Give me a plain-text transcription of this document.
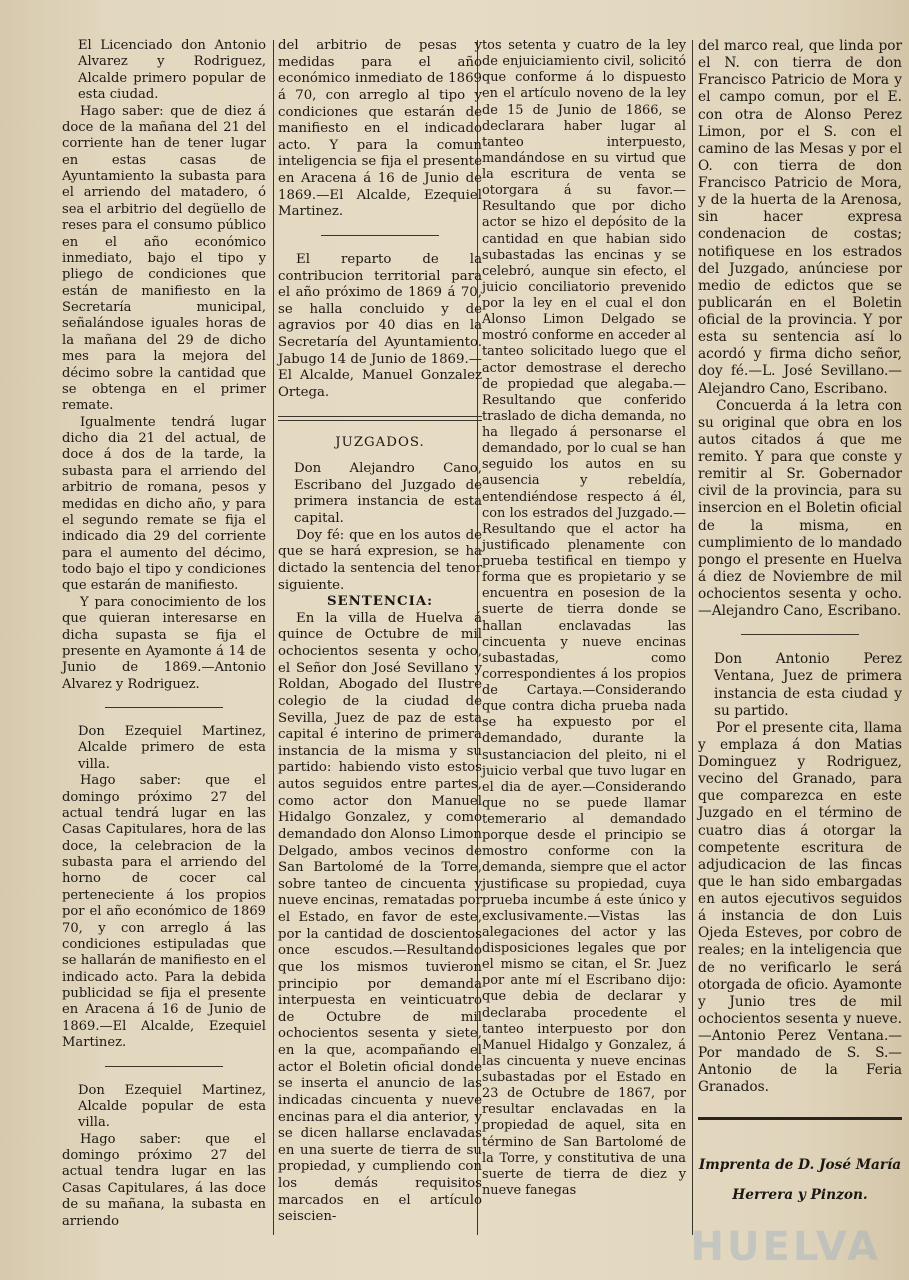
El Licenciado don Antonio Alvarez y Rodriguez, Alcalde primero popular de esta ciudad.

Hago saber: que de diez á doce de la mañana del 21 del corriente han de tener lugar en estas casas de Ayuntamiento la subasta para el arriendo del matadero, ó sea el arbitrio del degüello de reses para el consumo público en el año económico inmediato, bajo el tipo y pliego de condiciones que están de manifiesto en la Secretaría municipal, señalándose iguales horas de la mañana del 29 de dicho mes para la mejora del décimo sobre la cantidad que se obtenga en el primer remate.

Igualmente tendrá lugar dicho dia 21 del actual, de doce á dos de la tarde, la subasta para el arriendo del arbitrio de romana, pesos y medidas en dicho año, y para el segundo remate se fija el indicado dia 29 del corriente para el aumento del décimo, todo bajo el tipo y condiciones que estarán de manifiesto.

Y para conocimiento de los que quieran interesarse en dicha supasta se fija el presente en Ayamonte á 14 de Junio de 1869.—Antonio Alvarez y Rodriguez.

Don Ezequiel Martinez, Alcalde primero de esta villa.

Hago saber: que el domingo próximo 27 del actual tendrá lugar en las Casas Capitulares, hora de las doce, la celebracion de la subasta para el arriendo del horno de cocer cal perteneciente á los propios por el año económico de 1869 70, y con arreglo á las condiciones estipuladas que se hallarán de manifiesto en el indicado acto. Para la debida publicidad se fija el presente en Aracena á 16 de Junio de 1869.—El Alcalde, Ezequiel Martinez.

Don Ezequiel Martinez, Alcalde popular de esta villa.

Hago saber: que el domingo próximo 27 del actual tendra lugar en las Casas Capitulares, á las doce de su mañana, la subasta en arriendo

del arbitrio de pesas y medidas para el año económico inmediato de 1869 á 70, con arreglo al tipo y condiciones que estarán de manifiesto en el indicado acto. Y para la comun inteligencia se fija el presente en Aracena á 16 de Junio de 1869.—El Alcalde, Ezequiel Martinez.

El reparto de la contribucion territorial para el año próximo de 1869 á 70, se halla concluido y de agravios por 40 dias en la Secretaría del Ayuntamiento. Jabugo 14 de Junio de 1869.—El Alcalde, Manuel Gonzalez Ortega.

JUZGADOS.

Don Alejandro Cano, Escribano del Juzgado de primera instancia de esta capital.

Doy fé: que en los autos de que se hará expresion, se ha dictado la sentencia del tenor siguiente.

SENTENCIA:

En la villa de Huelva á quince de Octubre de mil ochocientos sesenta y ocho, el Señor don José Sevillano y Roldan, Abogado del Ilustre colegio de la ciudad de Sevilla, Juez de paz de esta capital é interino de primera instancia de la misma y su partido: habiendo visto estos autos seguidos entre partes, como actor don Manuel Hidalgo Gonzalez, y como demandado don Alonso Limon Delgado, ambos vecinos de San Bartolomé de la Torre, sobre tanteo de cincuenta y nueve encinas, rematadas por el Estado, en favor de este, por la cantidad de doscientos once escudos.—Resultando que los mismos tuvieron principio por demanda interpuesta en veinticuatro de Octubre de mil ochocientos sesenta y siete, en la que, acompañando el actor el Boletin oficial donde se inserta el anuncio de las indicadas cincuenta y nueve encinas para el dia anterior, y se dicen hallarse enclavadas en una suerte de tierra de su propiedad, y cumpliendo con los demás requisitos marcados en el artículo seiscien-

tos setenta y cuatro de la ley de enjuiciamiento civil, solicitó que conforme á lo dispuesto en el artículo noveno de la ley de 15 de Junio de 1866, se declarara haber lugar al tanteo interpuesto, mandándose en su virtud que la escritura de venta se otorgara á su favor.—Resultando que por dicho actor se hizo el depósito de la cantidad en que habian sido subastadas las encinas y se celebró, aunque sin efecto, el juicio conciliatorio prevenido por la ley en el cual el don Alonso Limon Delgado se mostró conforme en acceder al tanteo solicitado luego que el actor demostrase el derecho de propiedad que alegaba.—Resultando que conferido traslado de dicha demanda, no ha llegado á personarse el demandado, por lo cual se han seguido los autos en su ausencia y rebeldía, entendiéndose respecto á él, con los estrados del Juzgado.—Resultando que el actor ha justificado plenamente con prueba testifical en tiempo y forma que es propietario y se encuentra en posesion de la suerte de tierra donde se hallan enclavadas las cincuenta y nueve encinas subastadas, como correspondientes á los propios de Cartaya.—Considerando que contra dicha prueba nada se ha expuesto por el demandado, durante la sustanciacion del pleito, ni el juicio verbal que tuvo lugar en el dia de ayer.—Considerando que no se puede llamar temerario al demandado porque desde el principio se mostro conforme con la demanda, siempre que el actor justificase su propiedad, cuya prueba incumbe á este único y exclusivamente.—Vistas las alegaciones del actor y las disposiciones legales que por el mismo se citan, el Sr. Juez por ante mí el Escribano dijo: que debia de declarar y declaraba procedente el tanteo interpuesto por don Manuel Hidalgo y Gonzalez, á las cincuenta y nueve encinas subastadas por el Estado en 23 de Octubre de 1867, por resultar enclavadas en la propiedad de aquel, sita en término de San Bartolomé de la Torre, y constitutiva de una suerte de tierra de diez y nueve fanegas

del marco real, que linda por el N. con tierra de don Francisco Patricio de Mora y el campo comun, por el E. con otra de Alonso Perez Limon, por el S. con el camino de las Mesas y por el O. con tierra de don Francisco Patricio de Mora, y de la huerta de la Arenosa, sin hacer expresa condenacion de costas; notifiquese en los estrados del Juzgado, anúnciese por medio de edictos que se publicarán en el Boletin oficial de la provincia. Y por esta su sentencia así lo acordó y firma dicho señor, doy fé.—L. José Sevillano.—Alejandro Cano, Escribano.

Concuerda á la letra con su original que obra en los autos citados á que me remito. Y para que conste y remitir al Sr. Gobernador civil de la provincia, para su insercion en el Boletin oficial de la misma, en cumplimiento de lo mandado pongo el presente en Huelva á diez de Noviembre de mil ochocientos sesenta y ocho.—Alejandro Cano, Escribano.

Don Antonio Perez Ventana, Juez de primera instancia de esta ciudad y su partido.

Por el presente cita, llama y emplaza á don Matias Dominguez y Rodriguez, vecino del Granado, para que comparezca en este Juzgado en el término de cuatro dias á otorgar la competente escritura de adjudicacion de las fincas que le han sido embargadas en autos ejecutivos seguidos á instancia de don Luis Ojeda Esteves, por cobro de reales; en la inteligencia que de no verificarlo le será otorgada de oficio. Ayamonte y Junio tres de mil ochocientos sesenta y nueve.—Antonio Perez Ventana.—Por mandado de S. S.—Antonio de la Feria Granados.

Imprenta de D. José María

Herrera y Pinzon.

HUELVA
